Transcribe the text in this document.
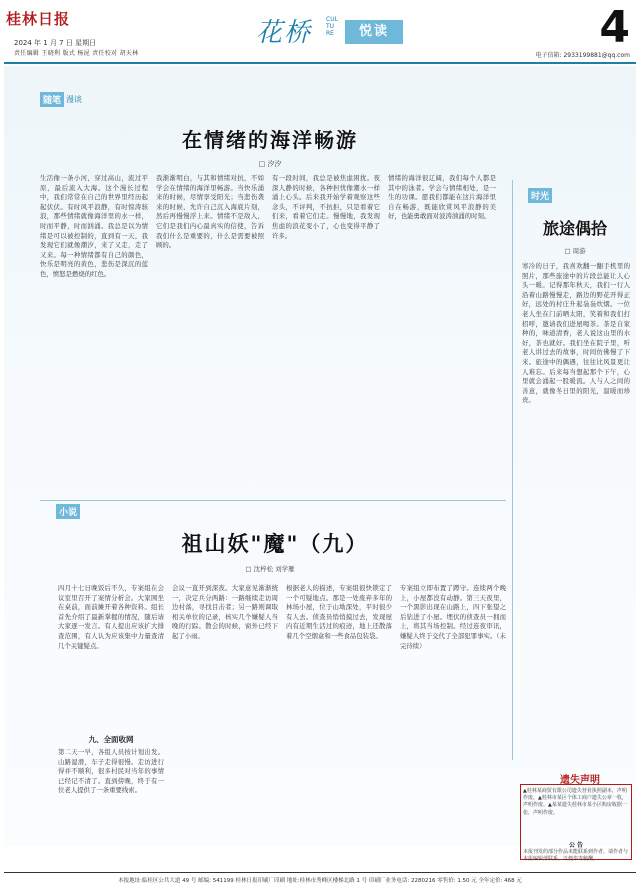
桂林日报
2024 年 1 月 7 日 星期日
责任编辑 王晓利 版式 杨昆 责任校对 胡天林
花桥 CULTURE	悦读	4
电子信箱: 2933199881@qq.com
随笔 漫谈
在情绪的海洋畅游
□ 汐汐
生活像一条小河，穿过高山，流过平原，最后流入大海。这个漫长过程中，我们常常在自己的世界里经历起起伏伏。有时风平浪静，有时惊涛骇浪，那些情绪就像海洋里的水一样，时而平静，时而汹涌。我总是以为情绪是可以被控制的，直到有一天，我发现它们就像潮汐，来了又走，走了又来。每一种情绪都有自己的颜色，快乐是明亮的黄色，悲伤是深沉的蓝色，愤怒是燃烧的红色。
我渐渐明白，与其和情绪对抗，不如学会在情绪的海洋里畅游。当快乐涌来的时候，尽情享受阳光；当悲伤袭来的时候，允许自己沉入海底片刻，然后再慢慢浮上来。情绪不是敌人，它们是我们内心最真实的信使，告诉我们什么是重要的，什么是需要被照顾的。
有一段时间，我总是被焦虑困扰。夜深人静的时候，各种担忧像潮水一样涌上心头。后来我开始学着观察这些念头，不评判，不抗拒，只是看着它们来，看着它们走。慢慢地，我发现焦虑的浪花变小了，心也变得平静了许多。
情绪的海洋很辽阔，我们每个人都是其中的泳者。学会与情绪相处，是一生的功课。愿我们都能在这片海洋里自在畅游，既能欣赏风平浪静的美好，也能勇敢面对波涛汹涌的时刻。
时光
旅途偶拾
□ 周游
寒冷的日子，我喜欢翻一翻手机里的照片，那些旅途中的片段总能让人心头一暖。记得那年秋天，我们一行人沿着山路慢慢走，路边的野花开得正好，远处的村庄升起袅袅炊烟。一位老人坐在门前晒太阳，笑着和我们打招呼，邀请我们进屋喝茶。茶是自家种的，味道清香，老人说这山里的水好，茶也就好。我们坐在院子里，听老人讲过去的故事，时间仿佛慢了下来。旅途中的偶遇，往往比风景更让人难忘。后来每当想起那个下午，心里就会涌起一股暖流。人与人之间的善意，就像冬日里的阳光，温暖而珍贵。
小说
祖山妖"魔"（九）
□ 沈梓松 刘学雁
四月十七日晚饭后不久，专案组在会议室里召开了案情分析会。大家围坐在桌前，面前摊开着各种资料。组长首先介绍了最新掌握的情况，随后请大家逐一发言。有人提出应该扩大排查范围，有人认为应该集中力量查清几个关键疑点。
九、全面收网
第二天一早，各组人员按计划出发。山路湿滑，车子走得很慢。走访进行得并不顺利，很多村民对当年的事情已经记不清了。直到傍晚，终于有一位老人提供了一条重要线索。
会议一直开到深夜。大家意见渐渐统一，决定兵分两路：一路继续走访周边村落，寻找目击者；另一路则调取相关单位的记录，核实几个嫌疑人当晚的行踪。散会的时候，窗外已经下起了小雨。
根据老人的描述，专案组很快锁定了一个可疑地点。那是一处废弃多年的林场小屋，位于山坳深处，平时很少有人去。侦查员悄悄摸过去，发现屋内有近期生活过的痕迹，地上还散落着几个空烟盒和一些食品包装袋。
专案组立即布置了蹲守。连续两个晚上，小屋都没有动静。第三天夜里，一个黑影出现在山路上，四下张望之后钻进了小屋。埋伏的侦查员一拥而上，将其当场控制。经过连夜审讯，嫌疑人终于交代了全部犯罪事实。（未完待续）
遗失声明
▲桂林某商贸有限公司遗失营业执照副本，声明作废。▲桂林市某区个体工商户遗失公章一枚，声明作废。▲某某遗失桂林市某小区购房收据一张，声明作废。
公 告
本报刊发的部分作品未能联系到作者，请作者与本报编辑部联系，以便奉寄稿酬。
本报地址:临桂区公共大道 49 号 邮编: 541199 桂林日报印刷厂印刷 地址:桂林市秀峰区楼梯北路 1 号 印刷厂业务电话: 2280216 零售价: 1.50 元 全年定价: 468 元
